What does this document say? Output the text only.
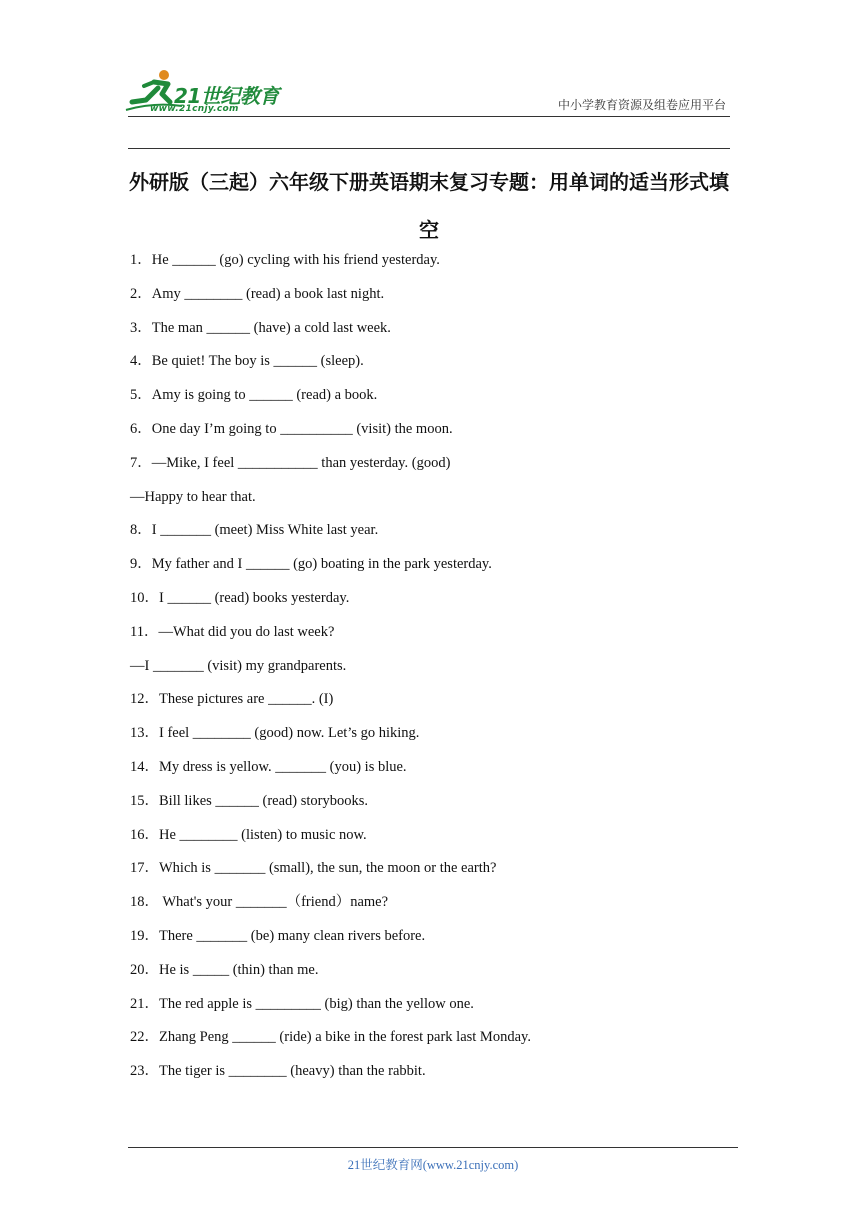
21世纪教育
www.21cnjy.com	中小学教育资源及组卷应用平台
外研版（三起）六年级下册英语期末复习专题：用单词的适当形式填空
1．He ______ (go) cycling with his friend yesterday.
2．Amy ________ (read) a book last night.
3．The man ______ (have) a cold last week.
4．Be quiet! The boy is ______ (sleep).
5．Amy is going to ______ (read) a book.
6．One day I’m going to __________ (visit) the moon.
7．—Mike, I feel ___________ than yesterday. (good)
—Happy to hear that.
8．I _______ (meet) Miss White last year.
9．My father and I ______ (go) boating in the park yesterday.
10．I ______ (read) books yesterday.
11．—What did you do last week?
—I _______ (visit) my grandparents.
12．These pictures are ______. (I)
13．I feel ________ (good) now. Let’s go hiking.
14．My dress is yellow. _______ (you) is blue.
15．Bill likes ______ (read) storybooks.
16．He ________ (listen) to music now.
17．Which is _______ (small), the sun, the moon or the earth?
18． What's your _______（friend）name?
19．There _______ (be) many clean rivers before.
20．He is _____ (thin) than me.
21．The red apple is _________ (big) than the yellow one.
22．Zhang Peng ______ (ride) a bike in the forest park last Monday.
23．The tiger is ________ (heavy) than the rabbit.
21世纪教育网(www.21cnjy.com)
